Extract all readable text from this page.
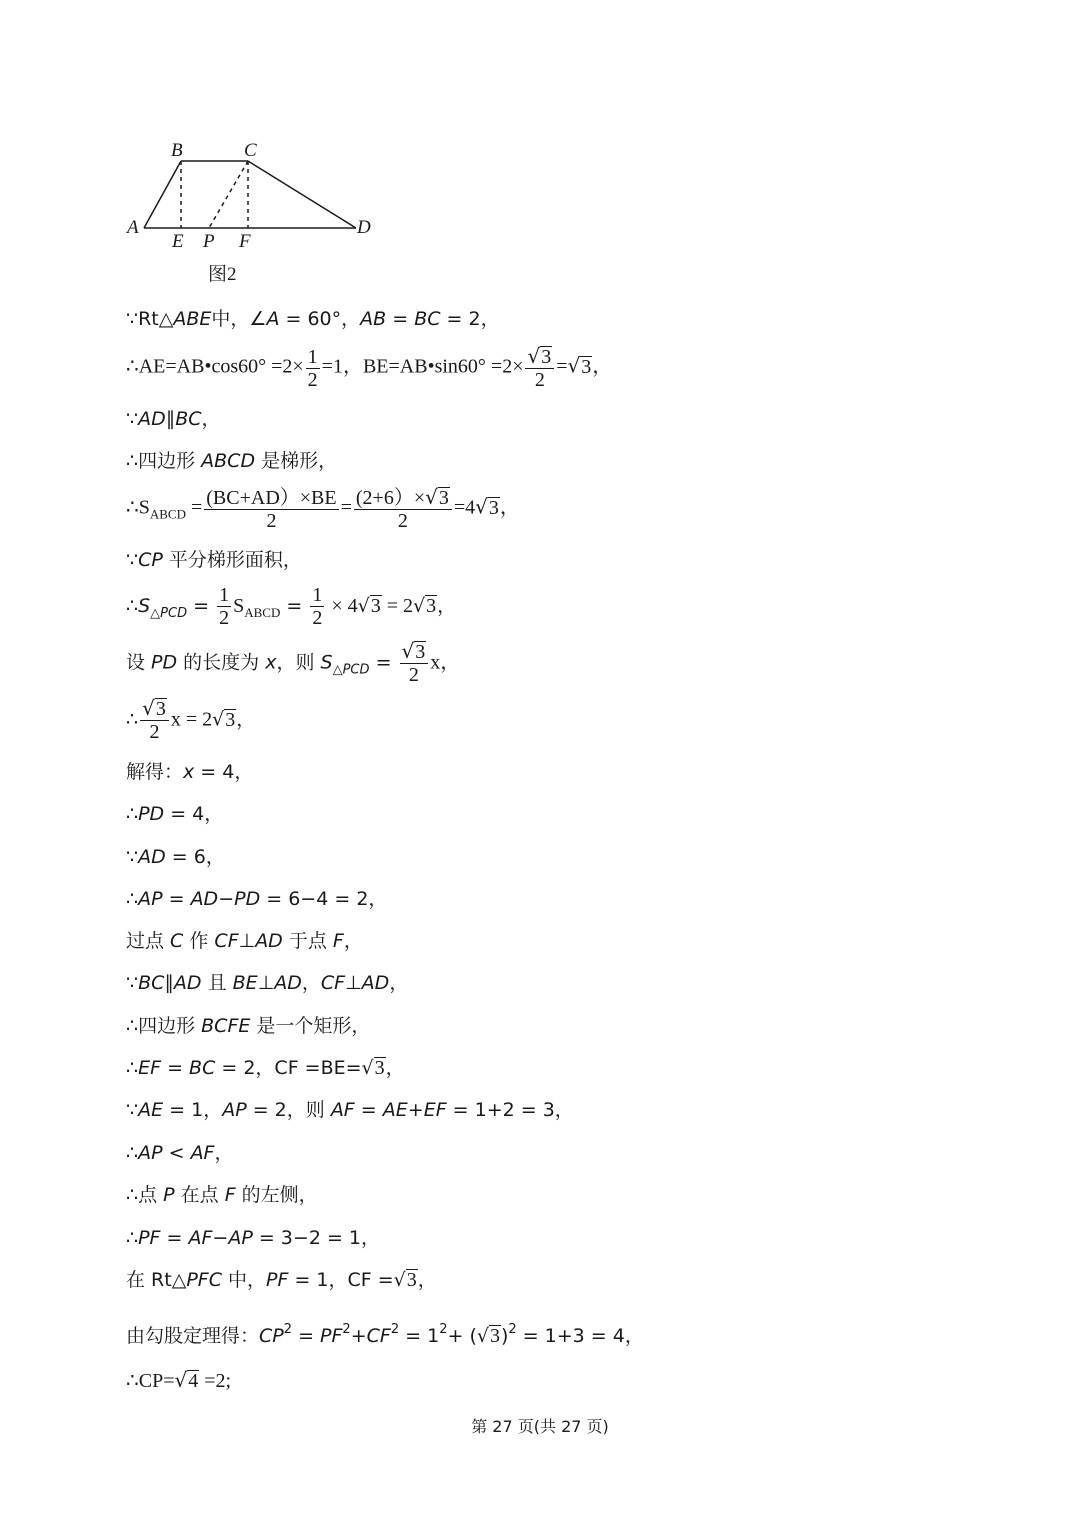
B	C
A	D
E P F
图2
∵Rt△ABE中，∠A = 60°，AB = BC = 2，
∴AE=AB•cos60° $=2\times \frac{1}{2} =1$，BE=AB•sin60° $=2\times \frac{√3}{2} =√3$，
∵AD∥BC，
∴四边形 ABCD 是梯形，
$\therefore S_{ABCD} = \frac{(BC+AD)\times BE}{2} = \frac{(2+6)\times√3}{2} =4√3$，
∵CP 平分梯形面积，
$\therefore S_{\triangle PCD} = \frac{1}{2} S_{ABCD} = \frac{1}{2} \times 4√3 = 2√3$，
设 PD 的长度为 x，则 $S_{\triangle PCD} = \frac{√3}{2}$ x，
∴ $\frac{√3}{2}$ x = 2√3，
解得：x = 4，
∴PD = 4，
∵AD = 6，
∴AP = AD−PD = 6−4 = 2，
过点 C 作 CF⊥AD 于点 F，
∵BC∥AD 且 BE⊥AD，CF⊥AD，
∴四边形 BCFE 是一个矩形，
∴EF = BC = 2，CF =BE=√3，
∵AE = 1，AP = 2，则 AF = AE+EF = 1+2 = 3，
∴AP < AF，
∴点 P 在点 F 的左侧，
∴PF = AF−AP = 3−2 = 1，
在 Rt△PFC 中，PF = 1，CF =√3，
由勾股定理得：$CP^2 = PF^2+CF^2 = 1^2+ (√3)^2 = 1+3 = 4$，
∴CP=√4 =2;
第 27 页(共 27 页)
